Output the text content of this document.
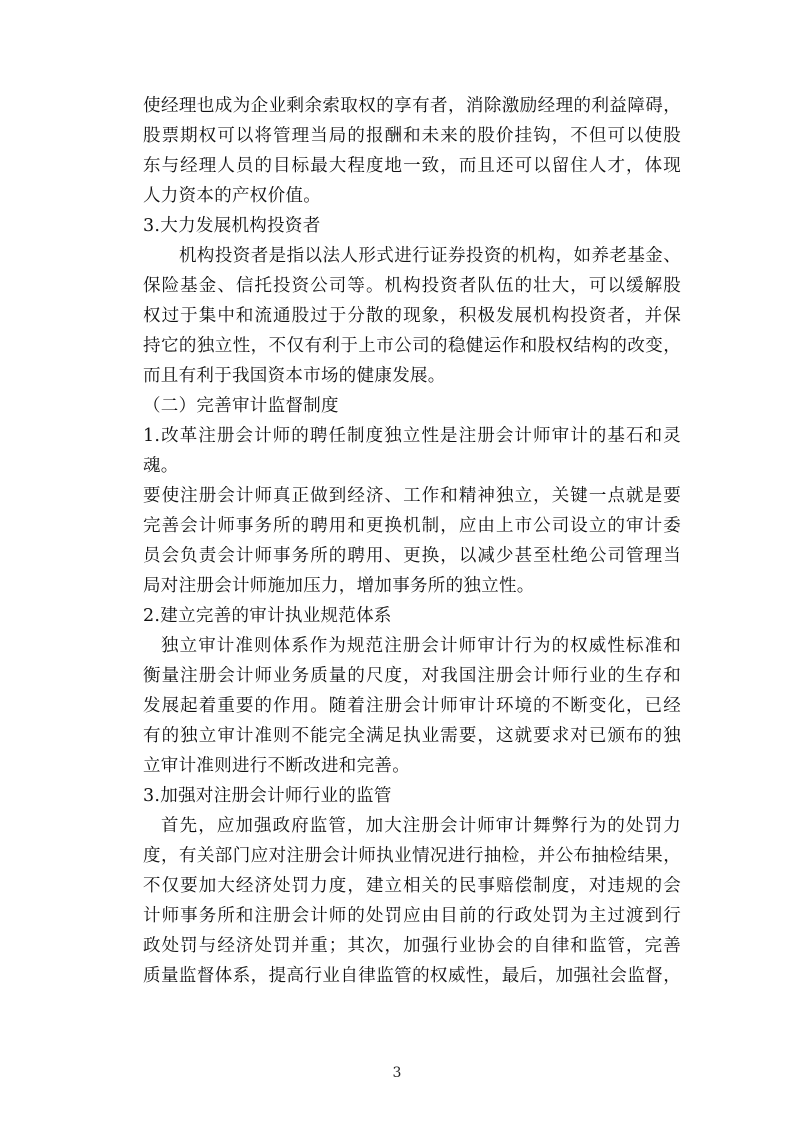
使经理也成为企业剩余索取权的享有者，消除激励经理的利益障碍，
股票期权可以将管理当局的报酬和未来的股价挂钩，不但可以使股
东与经理人员的目标最大程度地一致，而且还可以留住人才，体现
人力资本的产权价值。
3.大力发展机构投资者
机构投资者是指以法人形式进行证券投资的机构，如养老基金、
保险基金、信托投资公司等。机构投资者队伍的壮大，可以缓解股
权过于集中和流通股过于分散的现象，积极发展机构投资者，并保
持它的独立性，不仅有利于上市公司的稳健运作和股权结构的改变，
而且有利于我国资本市场的健康发展。
（二）完善审计监督制度
1.改革注册会计师的聘任制度独立性是注册会计师审计的基石和灵
魂。
要使注册会计师真正做到经济、工作和精神独立，关键一点就是要
完善会计师事务所的聘用和更换机制，应由上市公司设立的审计委
员会负责会计师事务所的聘用、更换，以减少甚至杜绝公司管理当
局对注册会计师施加压力，增加事务所的独立性。
2.建立完善的审计执业规范体系
独立审计准则体系作为规范注册会计师审计行为的权威性标准和
衡量注册会计师业务质量的尺度，对我国注册会计师行业的生存和
发展起着重要的作用。随着注册会计师审计环境的不断变化，已经
有的独立审计准则不能完全满足执业需要，这就要求对已颁布的独
立审计准则进行不断改进和完善。
3.加强对注册会计师行业的监管
首先，应加强政府监管，加大注册会计师审计舞弊行为的处罚力
度，有关部门应对注册会计师执业情况进行抽检，并公布抽检结果，
不仅要加大经济处罚力度，建立相关的民事赔偿制度，对违规的会
计师事务所和注册会计师的处罚应由目前的行政处罚为主过渡到行
政处罚与经济处罚并重；其次，加强行业协会的自律和监管，完善
质量监督体系，提高行业自律监管的权威性，最后，加强社会监督，
3
